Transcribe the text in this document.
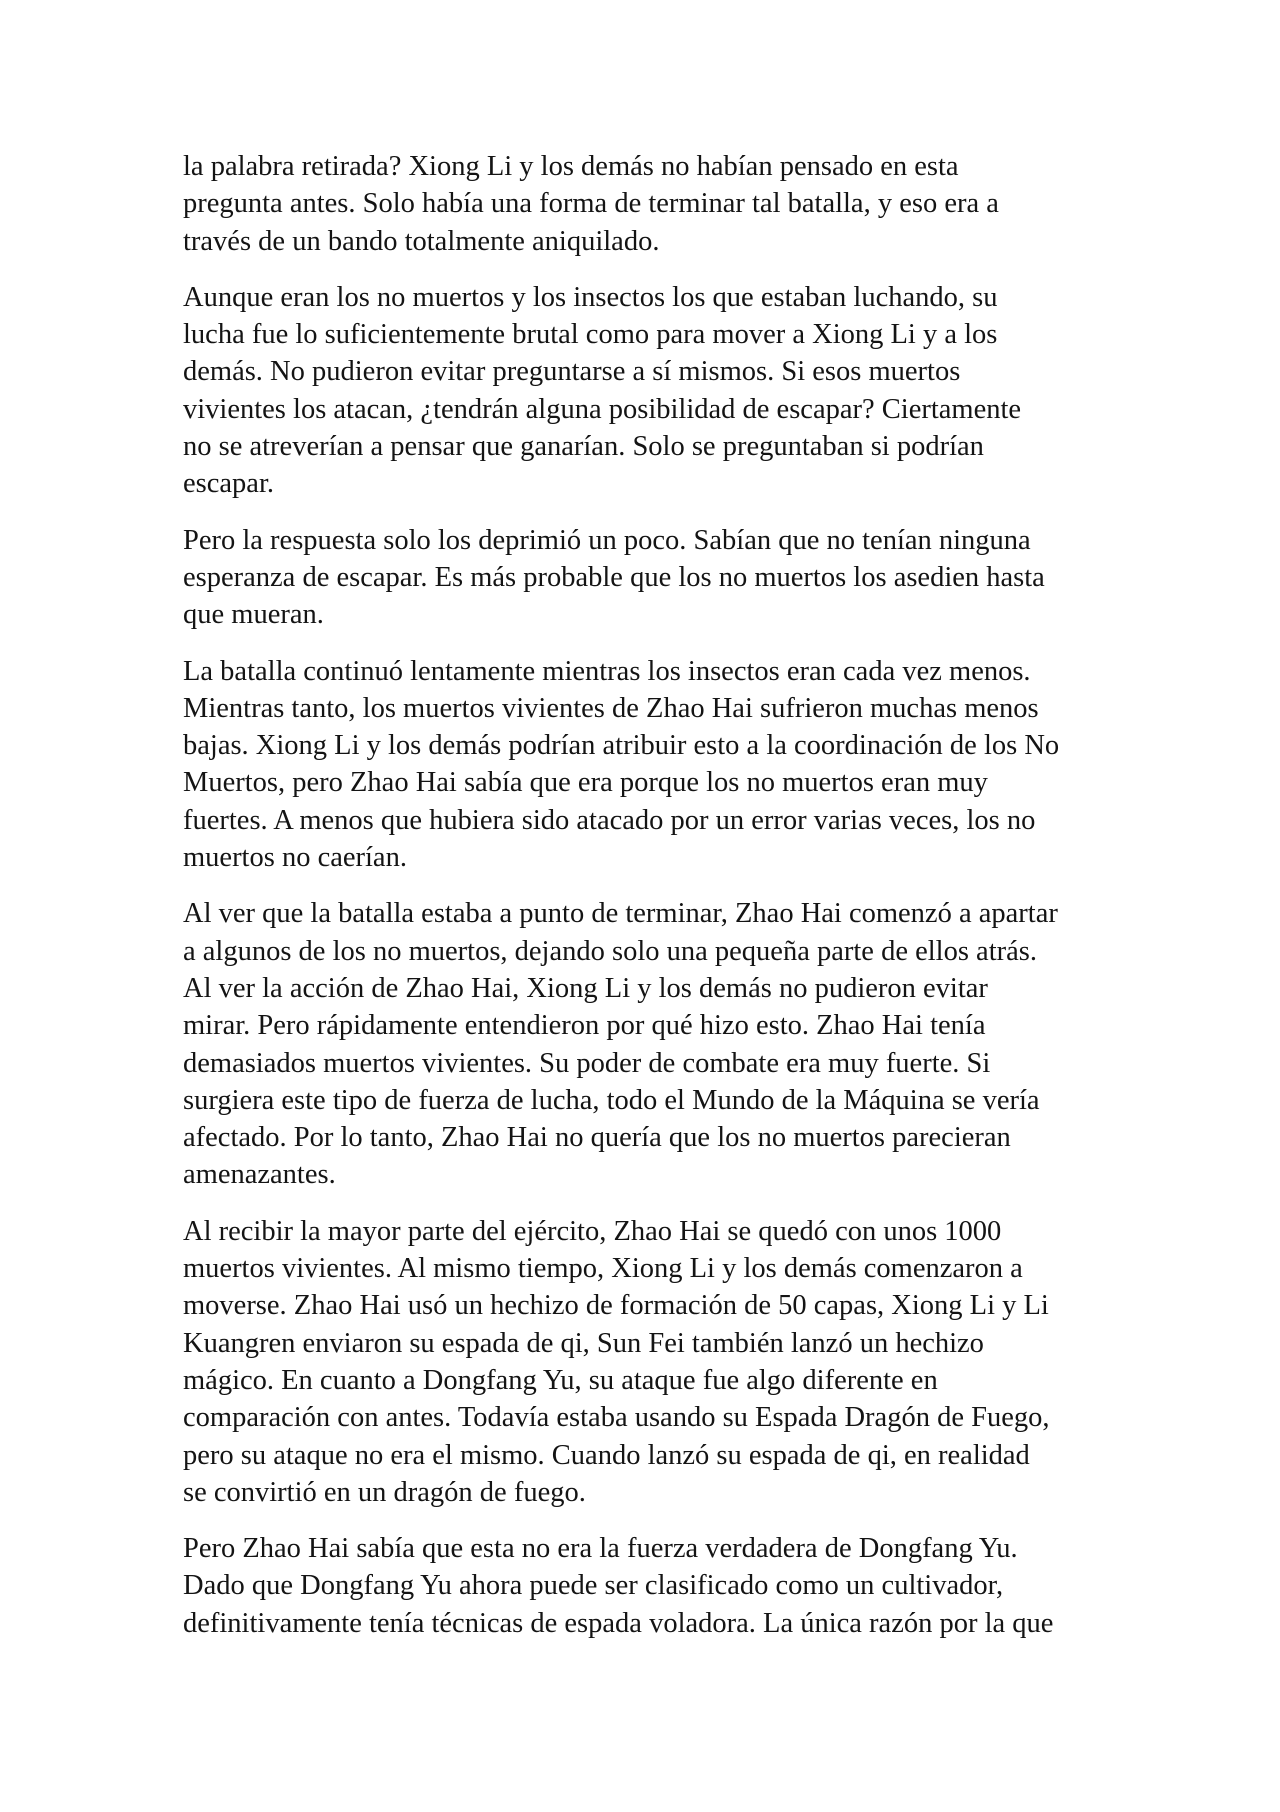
la palabra retirada? Xiong Li y los demás no habían pensado en esta
pregunta antes. Solo había una forma de terminar tal batalla, y eso era a
través de un bando totalmente aniquilado.

Aunque eran los no muertos y los insectos los que estaban luchando, su
lucha fue lo suficientemente brutal como para mover a Xiong Li y a los
demás. No pudieron evitar preguntarse a sí mismos. Si esos muertos
vivientes los atacan, ¿tendrán alguna posibilidad de escapar? Ciertamente
no se atreverían a pensar que ganarían. Solo se preguntaban si podrían
escapar.

Pero la respuesta solo los deprimió un poco. Sabían que no tenían ninguna
esperanza de escapar. Es más probable que los no muertos los asedien hasta
que mueran.

La batalla continuó lentamente mientras los insectos eran cada vez menos.
Mientras tanto, los muertos vivientes de Zhao Hai sufrieron muchas menos
bajas. Xiong Li y los demás podrían atribuir esto a la coordinación de los No
Muertos, pero Zhao Hai sabía que era porque los no muertos eran muy
fuertes. A menos que hubiera sido atacado por un error varias veces, los no
muertos no caerían.

Al ver que la batalla estaba a punto de terminar, Zhao Hai comenzó a apartar
a algunos de los no muertos, dejando solo una pequeña parte de ellos atrás.
Al ver la acción de Zhao Hai, Xiong Li y los demás no pudieron evitar
mirar. Pero rápidamente entendieron por qué hizo esto. Zhao Hai tenía
demasiados muertos vivientes. Su poder de combate era muy fuerte. Si
surgiera este tipo de fuerza de lucha, todo el Mundo de la Máquina se vería
afectado. Por lo tanto, Zhao Hai no quería que los no muertos parecieran
amenazantes.

Al recibir la mayor parte del ejército, Zhao Hai se quedó con unos 1000
muertos vivientes. Al mismo tiempo, Xiong Li y los demás comenzaron a
moverse. Zhao Hai usó un hechizo de formación de 50 capas, Xiong Li y Li
Kuangren enviaron su espada de qi, Sun Fei también lanzó un hechizo
mágico. En cuanto a Dongfang Yu, su ataque fue algo diferente en
comparación con antes. Todavía estaba usando su Espada Dragón de Fuego,
pero su ataque no era el mismo. Cuando lanzó su espada de qi, en realidad
se convirtió en un dragón de fuego.

Pero Zhao Hai sabía que esta no era la fuerza verdadera de Dongfang Yu.
Dado que Dongfang Yu ahora puede ser clasificado como un cultivador,
definitivamente tenía técnicas de espada voladora. La única razón por la que
